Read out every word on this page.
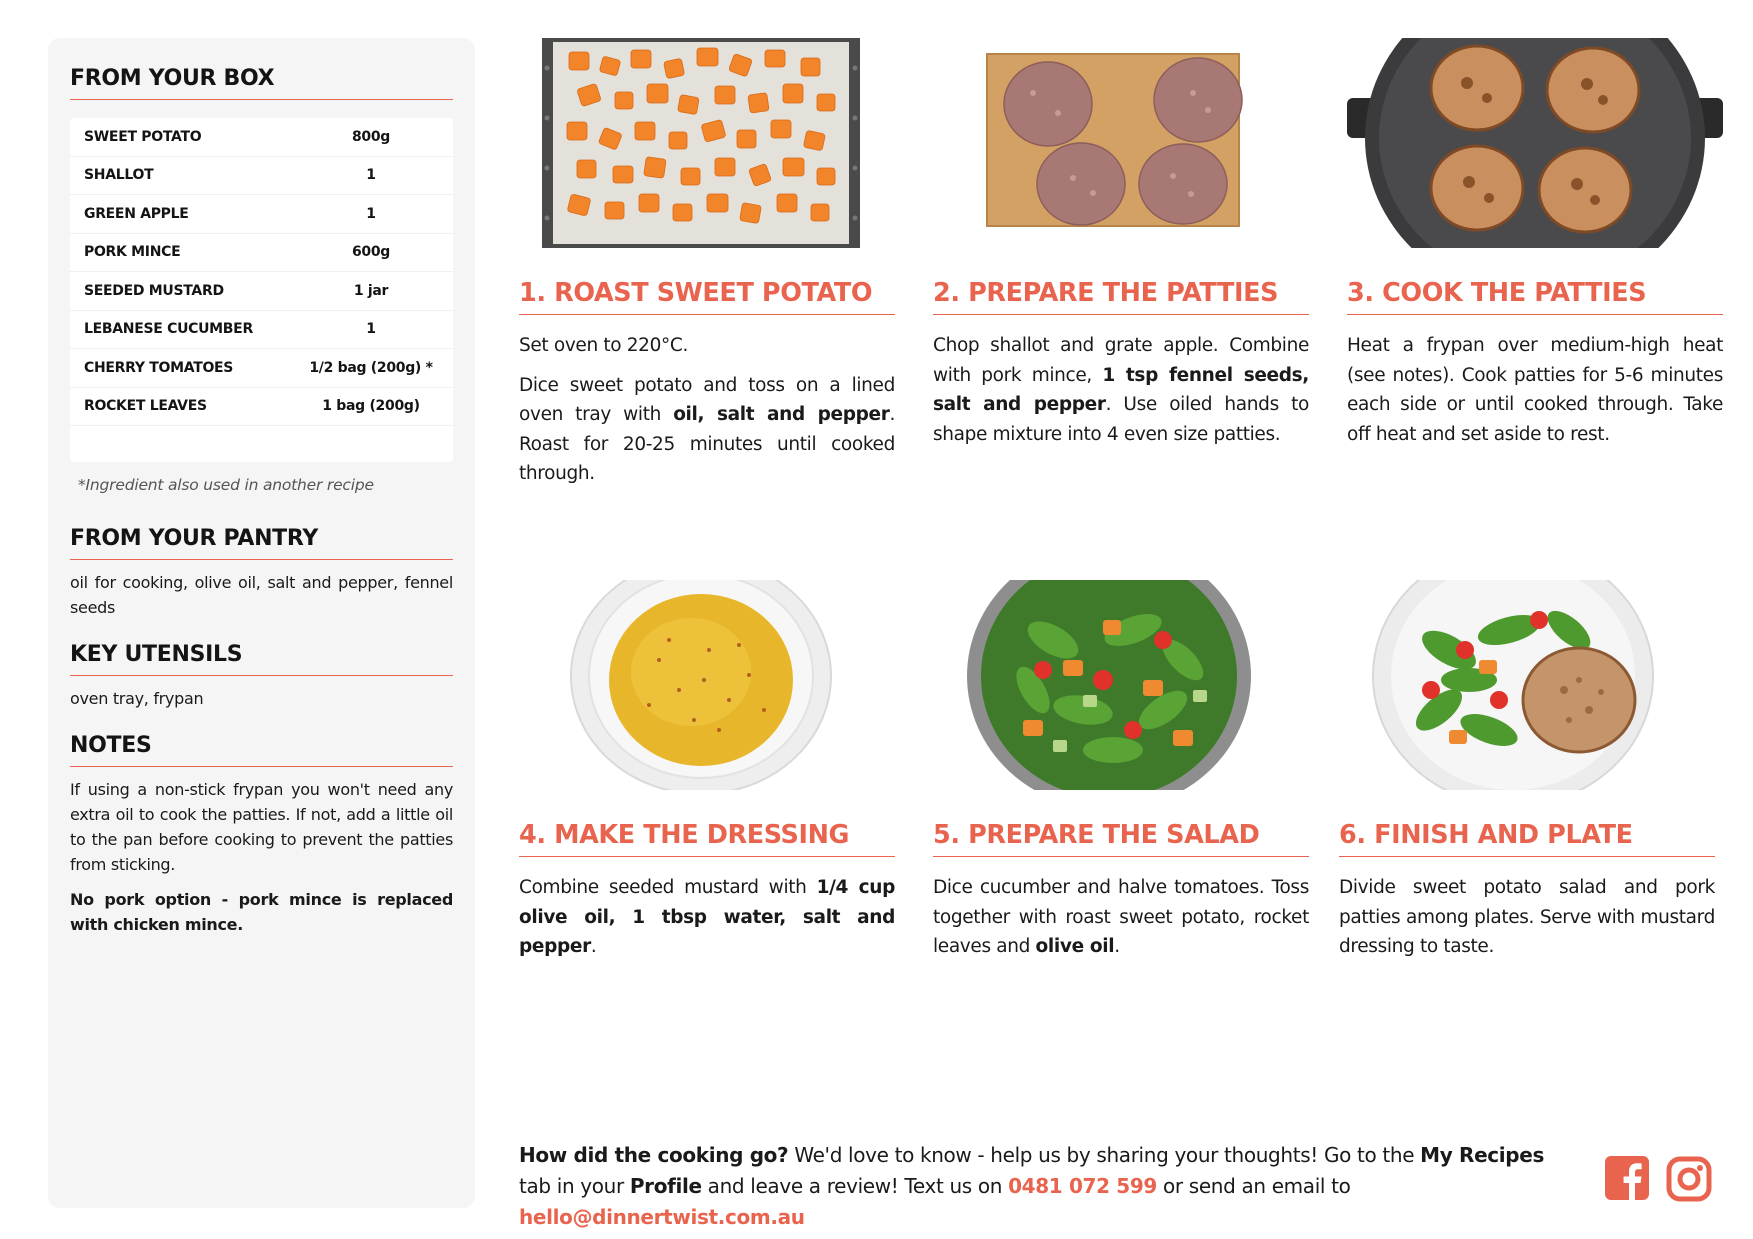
FROM YOUR BOX
SWEET POTATO	800g
SHALLOT	1
GREEN APPLE	1
PORK MINCE	600g
SEEDED MUSTARD	1 jar
LEBANESE CUCUMBER	1
CHERRY TOMATOES	1/2 bag (200g) *
ROCKET LEAVES	1 bag (200g)
*Ingredient also used in another recipe
FROM YOUR PANTRY
oil for cooking, olive oil, salt and pepper, fennel seeds
KEY UTENSILS
oven tray, frypan
NOTES
If using a non-stick frypan you won't need any extra oil to cook the patties. If not, add a little oil to the pan before cooking to prevent the patties from sticking.
No pork option - pork mince is replaced with chicken mince.
1. ROAST SWEET POTATO

Set oven to 220°C.

Dice sweet potato and toss on a lined oven tray with oil, salt and pepper. Roast for 20-25 minutes until cooked through.

2. PREPARE THE PATTIES

Chop shallot and grate apple. Combine with pork mince, 1 tsp fennel seeds, salt and pepper. Use oiled hands to shape mixture into 4 even size patties.

3. COOK THE PATTIES

Heat a frypan over medium-high heat (see notes). Cook patties for 5-6 minutes each side or until cooked through. Take off heat and set aside to rest.

4. MAKE THE DRESSING

Combine seeded mustard with 1/4 cup olive oil, 1 tbsp water, salt and pepper.

5. PREPARE THE SALAD

Dice cucumber and halve tomatoes. Toss together with roast sweet potato, rocket leaves and olive oil.

6. FINISH AND PLATE

Divide sweet potato salad and pork patties among plates. Serve with mustard dressing to taste.

How did the cooking go? We'd love to know - help us by sharing your thoughts! Go to the My Recipes tab in your Profile and leave a review! Text us on 0481 072 599 or send an email to hello@dinnertwist.com.au
